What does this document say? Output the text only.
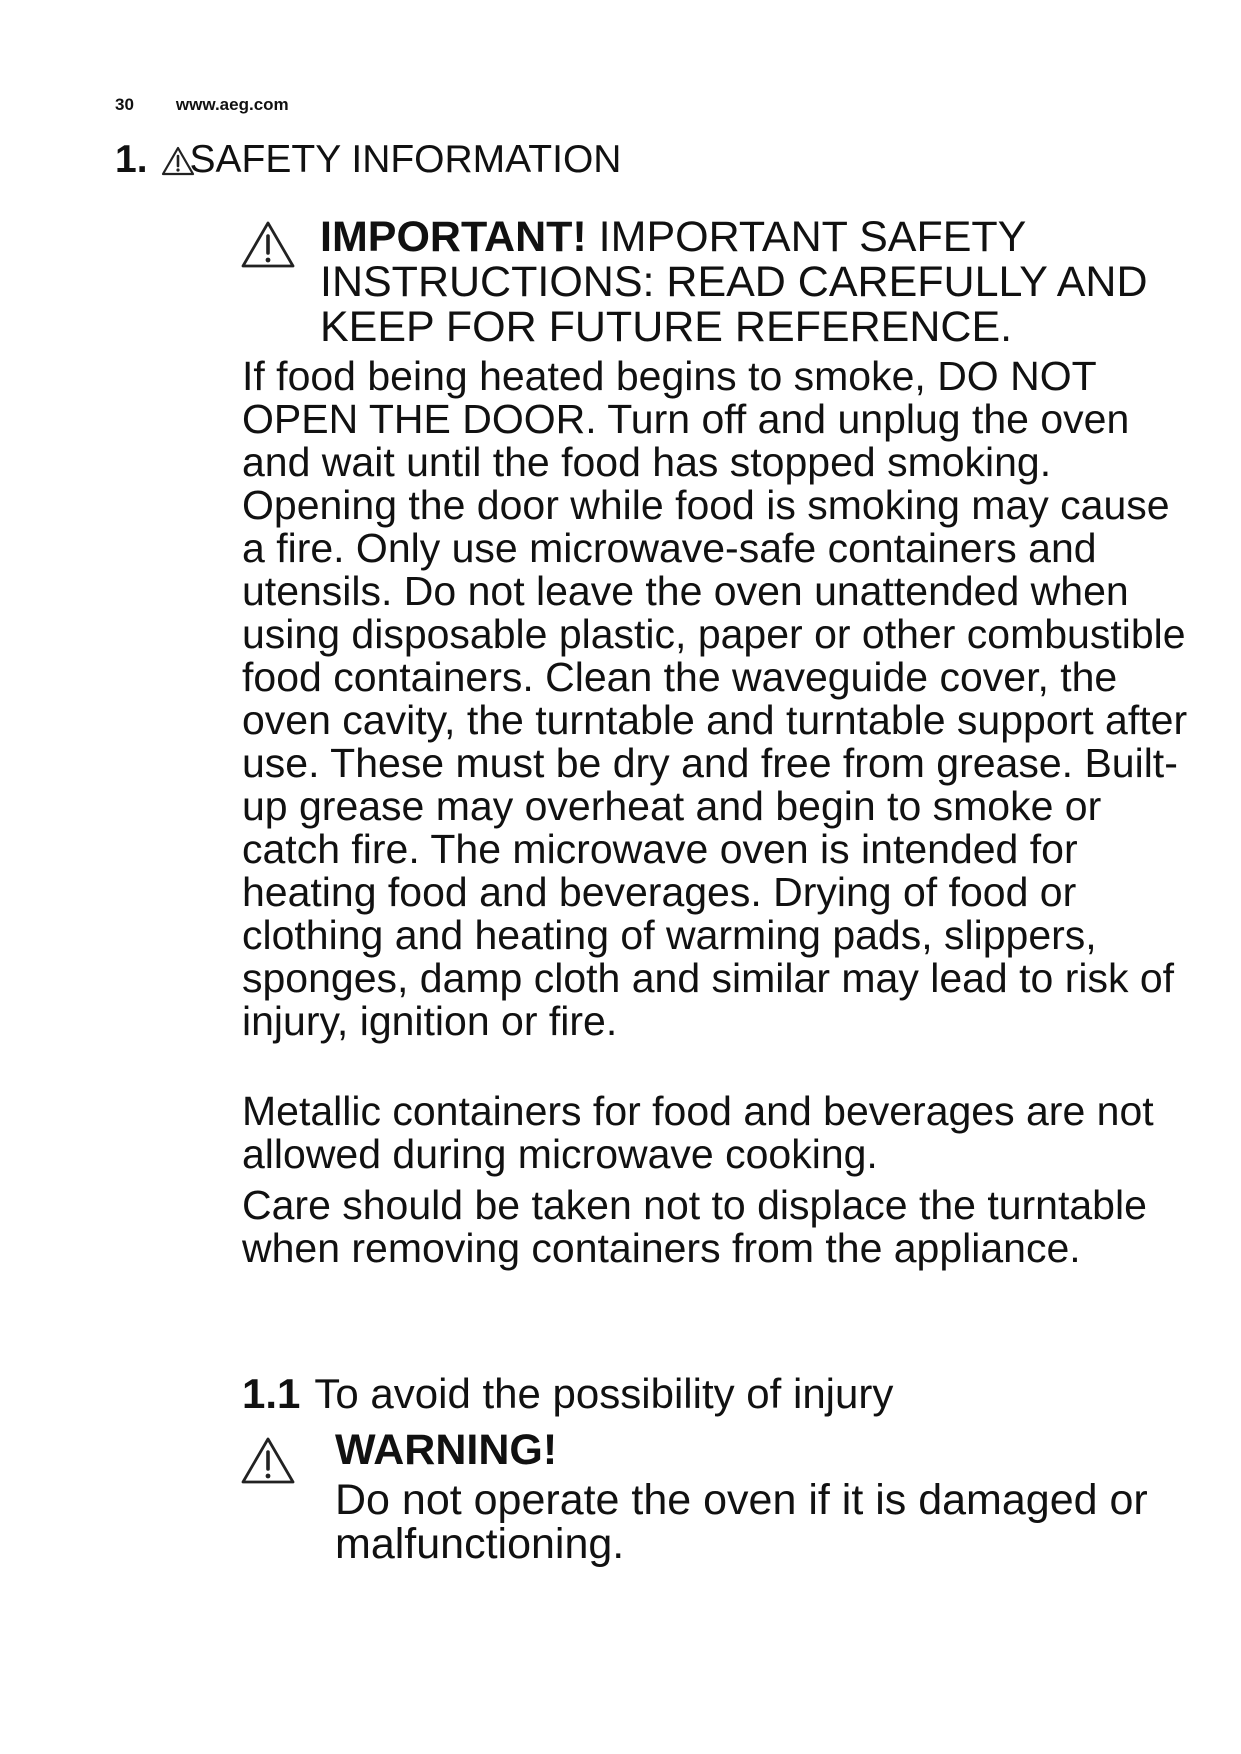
30 www.aeg.com
1. SAFETY INFORMATION
IMPORTANT! IMPORTANT SAFETY INSTRUCTIONS: READ CAREFULLY AND KEEP FOR FUTURE REFERENCE.
If food being heated begins to smoke, DO NOT OPEN THE DOOR. Turn off and unplug the oven and wait until the food has stopped smoking. Opening the door while food is smoking may cause a fire. Only use microwave-safe containers and utensils. Do not leave the oven unattended when using disposable plastic, paper or other combustible food containers. Clean the waveguide cover, the oven cavity, the turntable and turntable support after use. These must be dry and free from grease. Built-up grease may overheat and begin to smoke or catch fire. The microwave oven is intended for heating food and beverages. Drying of food or clothing and heating of warming pads, slippers, sponges, damp cloth and similar may lead to risk of injury, ignition or fire.
Metallic containers for food and beverages are not allowed during microwave cooking.
Care should be taken not to displace the turntable when removing containers from the appliance.
1.1 To avoid the possibility of injury
WARNING!
Do not operate the oven if it is damaged or malfunctioning.
